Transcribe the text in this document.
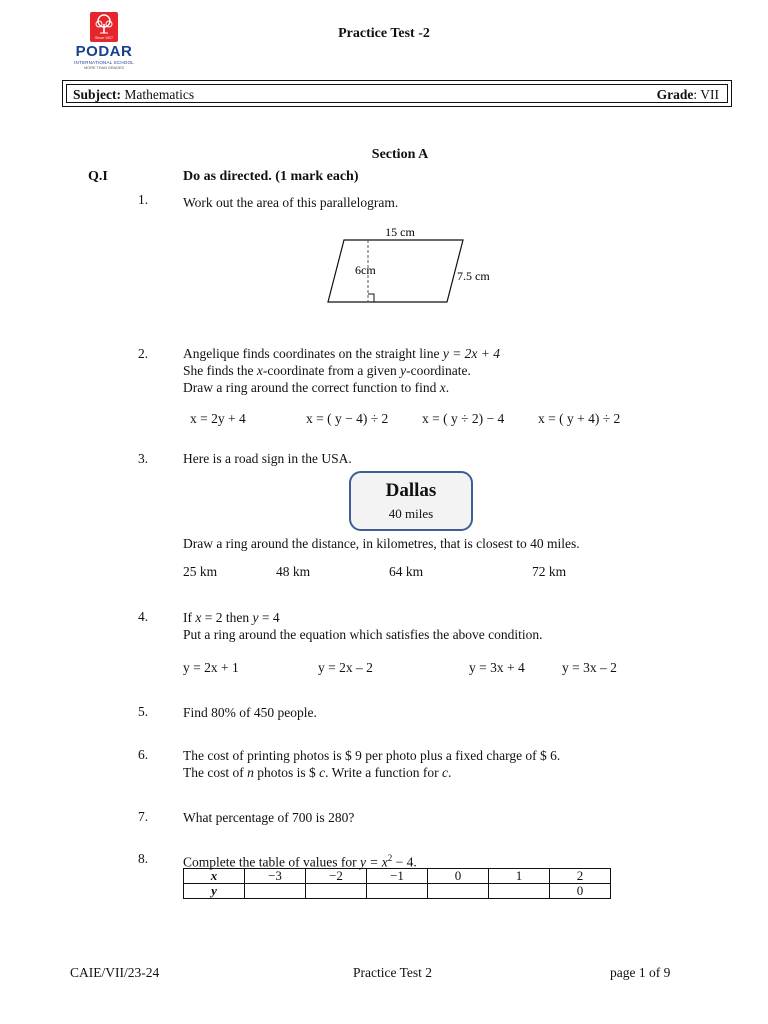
Since 1927
PODAR
INTERNATIONAL SCHOOL
MORE THAN GRADES
Practice Test -2
Subject: Mathematics	Grade: VII
Section A
Q.I	Do as directed. (1 mark each)
1.	Work out the area of this parallelogram.
15 cm
6cm	7.5 cm
2.	Angelique finds coordinates on the straight line y = 2x + 4
She finds the x-coordinate from a given y-coordinate.
Draw a ring around the correct function to find x.
x = 2y + 4	x = ( y − 4) ÷ 2 x = ( y ÷ 2) − 4 x = ( y + 4) ÷ 2
3.	Here is a road sign in the USA.
Dallas
40 miles
Draw a ring around the distance, in kilometres, that is closest to 40 miles.
25 km	48 km	64 km	72 km
4.	If x = 2 then y = 4
Put a ring around the equation which satisfies the above condition.
y = 2x + 1	y = 2x – 2	y = 3x + 4	y = 3x – 2
5.	Find 80% of 450 people.
6.	The cost of printing photos is $ 9 per photo plus a fixed charge of $ 6.
The cost of n photos is $ c. Write a function for c.
7.	What percentage of 700 is 280?
8.	Complete the table of values for $y = x^2 - 4$.
x	−3	−2	−1	0	1	2
y						0
CAIE/VII/23-24	Practice Test 2	page 1 of 9
